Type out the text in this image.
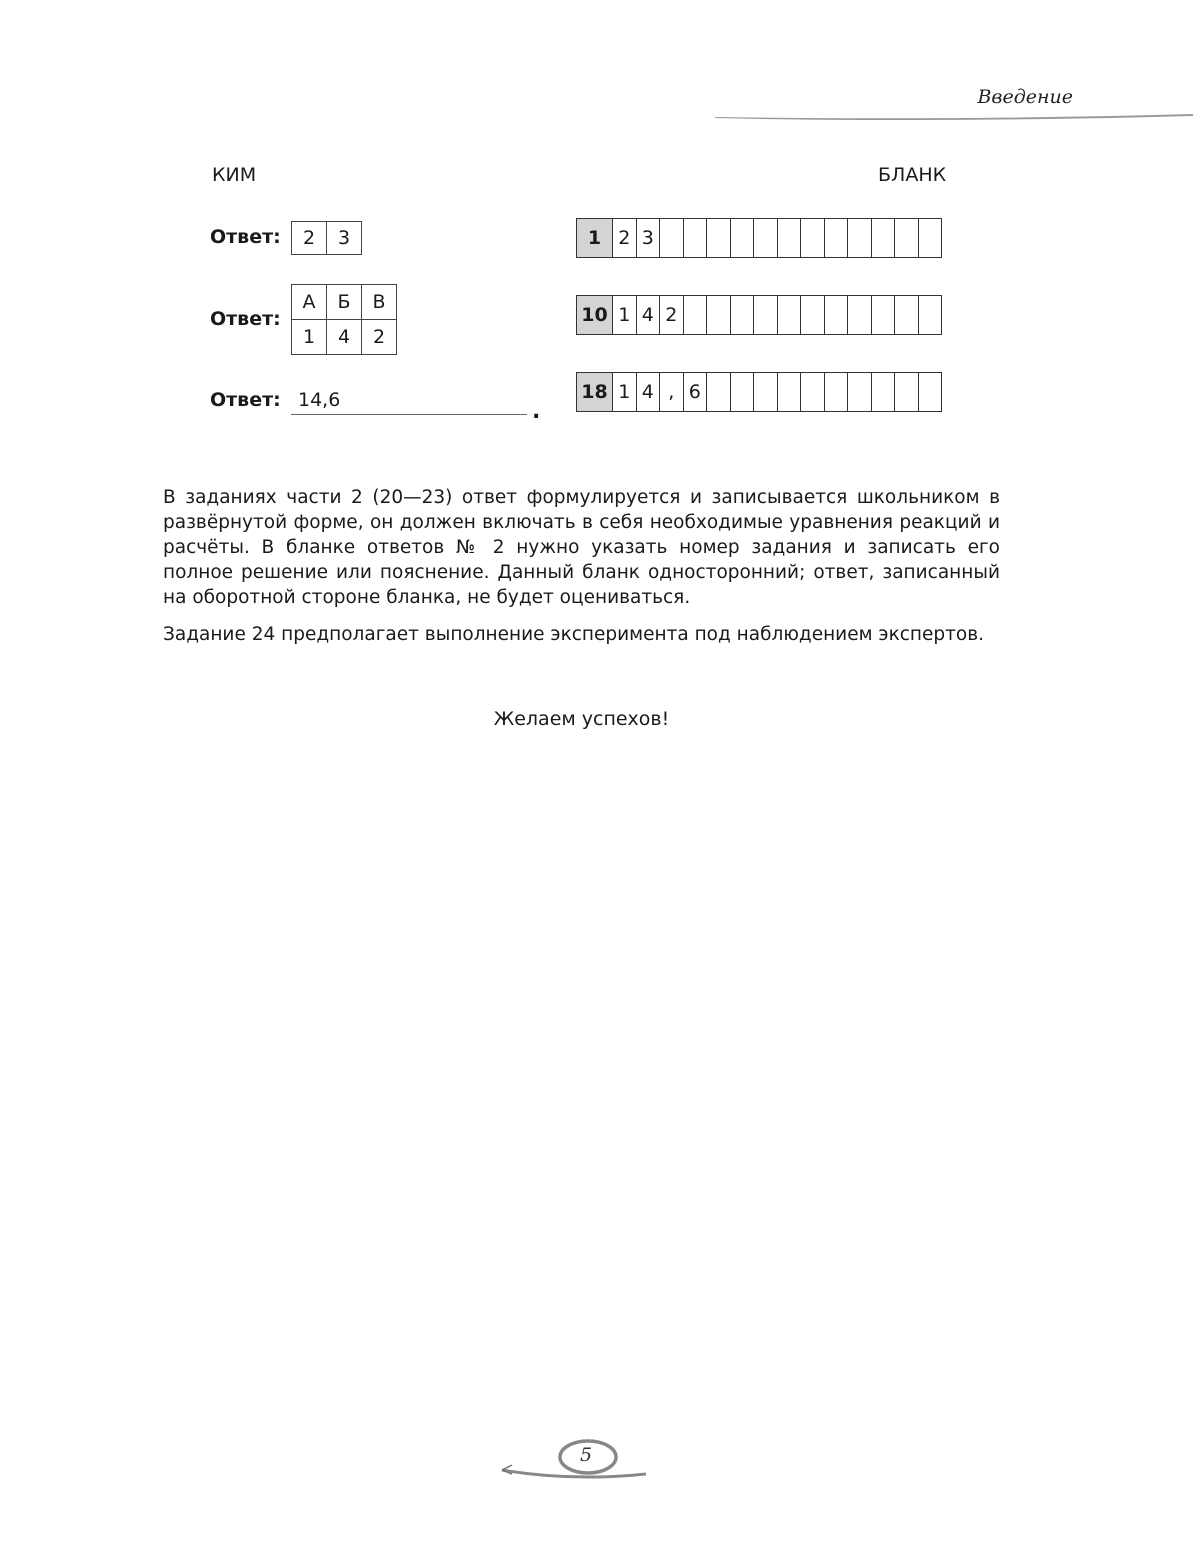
Введение
КИМ	БЛАНК
Ответ: 2	3
Ответ:
А	Б	В
1	4	2
Ответ: 14,6	.
1 2 3
10 1 4 2
18 1 4 , 6
В заданиях части 2 (20—23) ответ формулируется и записывается школьником в развёрнутой форме, он должен включать в себя необходимые уравнения реакций и расчёты. В бланке ответов № 2 нужно указать номер задания и записать его полное решение или пояснение. Данный бланк односторонний; ответ, записанный на оборотной стороне бланка, не будет оцениваться.
Задание 24 предполагает выполнение эксперимента под наблюдением экспертов.
Желаем успехов!
5
